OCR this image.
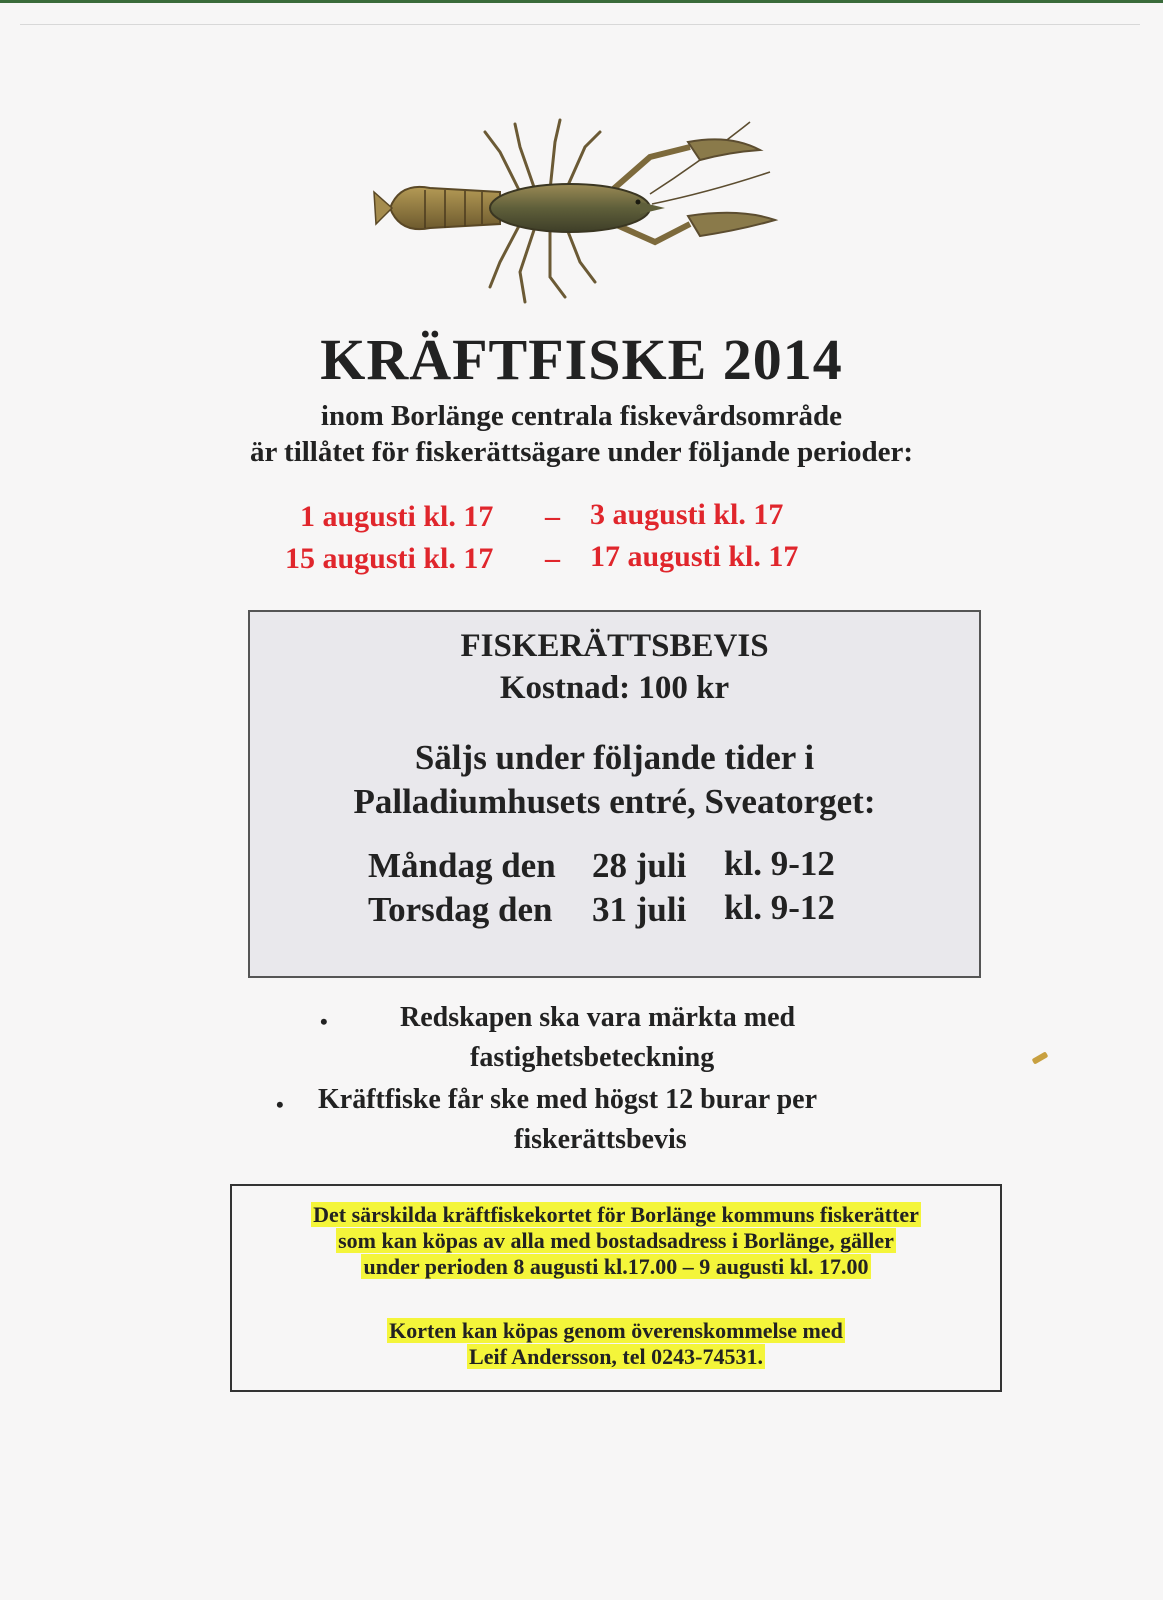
KRÄFTFISKE 2014
inom Borlänge centrala fiskevårdsområde
är tillåtet för fiskerättsägare under följande perioder:
1 augusti kl. 17 – 3 augusti kl. 17
15 augusti kl. 17 – 17 augusti kl. 17
FISKERÄTTSBEVIS
Kostnad: 100 kr
Säljs under följande tider i
Palladiumhusets entré, Sveatorget:
Måndag den 28 juli kl. 9-12
Torsdag den 31 juli kl. 9-12
•	Redskapen ska vara märkta med
fastighetsbeteckning
• Kräftfiske får ske med högst 12 burar per
fiskerättsbevis
Det särskilda kräftfiskekortet för Borlänge kommuns fiskerätter
som kan köpas av alla med bostadsadress i Borlänge, gäller
under perioden 8 augusti kl.17.00 – 9 augusti kl. 17.00
Korten kan köpas genom överenskommelse med
Leif Andersson, tel 0243-74531.
